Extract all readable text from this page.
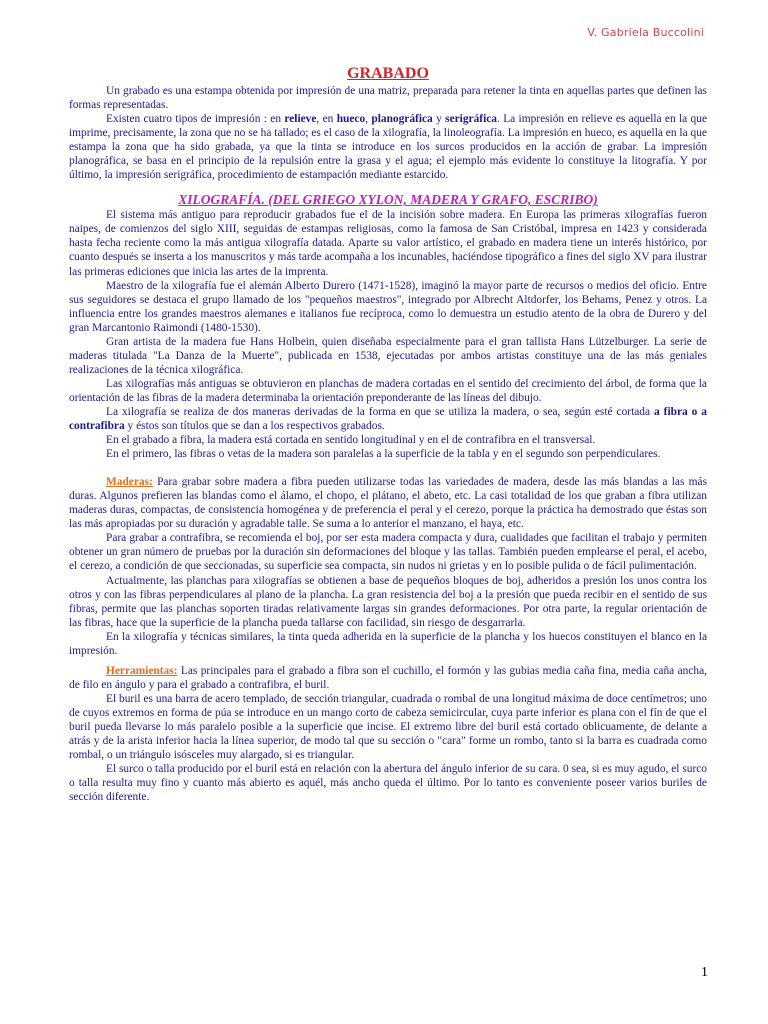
V. Gabriela Buccolini
GRABADO

Un grabado es una estampa obtenida por impresión de una matriz, preparada para retener la tinta en aquellas partes que definen las formas representadas.

Existen cuatro tipos de impresión : en relieve, en hueco, planográfica y serigráfica. La impresión en relieve es aquella en la que imprime, precisamente, la zona que no se ha tallado; es el caso de la xilografía, la linoleografía. La impresión en hueco, es aquella en la que estampa la zona que ha sido grabada, ya que la tinta se introduce en los surcos producidos en la acción de grabar. La impresión planográfica, se basa en el principio de la repulsión entre la grasa y el agua; el ejemplo más evidente lo constituye la litografía. Y por último, la impresión serigráfica, procedimiento de estampación mediante estarcido.

XILOGRAFÍA. (DEL GRIEGO XYLON, MADERA Y GRAFO, ESCRIBO)

El sistema más antiguo para reproducir grabados fue el de la incisión sobre madera. En Europa las primeras xilografías fueron naipes, de comienzos del siglo XIII, seguidas de estampas religiosas, como la famosa de San Cristóbal, impresa en 1423 y considerada hasta fecha reciente como la más antigua xilografía datada. Aparte su valor artístico, el grabado en madera tiene un interés histórico, por cuanto después se inserta a los manuscritos y más tarde acompaña a los incunables, haciéndose tipográfico a fines del siglo XV para ilustrar las primeras ediciones que inicia las artes de la imprenta.

Maestro de la xilografía fue el alemán Alberto Durero (1471-1528), imaginó la mayor parte de recursos o medios del oficio. Entre sus seguidores se destaca el grupo llamado de los "pequeños maestros", integrado por Albrecht Altdorfer, los Behams, Penez y otros. La influencia entre los grandes maestros alemanes e italianos fue recíproca, como lo demuestra un estudio atento de la obra de Durero y del gran Marcantonio Raimondi (1480-1530).

Gran artista de la madera fue Hans Holbein, quien diseñaba especialmente para el gran tallista Hans Lützelburger. La serie de maderas titulada "La Danza de la Muerte", publicada en 1538, ejecutadas por ambos artistas constituye una de las más geniales realizaciones de la técnica xilográfica.

Las xilografías más antiguas se obtuvieron en planchas de madera cortadas en el sentido del crecimiento del árbol, de forma que la orientación de las fibras de la madera determinaba la orientación preponderante de las líneas del dibujo.

La xilografía se realiza de dos maneras derivadas de la forma en que se utiliza la madera, o sea, según esté cortada a fibra o a contrafibra y éstos son títulos que se dan a los respectivos grabados.

En el grabado a fibra, la madera está cortada en sentido longitudinal y en el de contrafibra en el transversal.

En el primero, las fibras o vetas de la madera son paralelas a la superficie de la tabla y en el segundo son perpendiculares.

Maderas: Para grabar sobre madera a fibra pueden utilizarse todas las variedades de madera, desde las más blandas a las más duras. Algunos prefieren las blandas como el álamo, el chopo, el plátano, el abeto, etc. La casi totalidad de los que graban a fibra utilizan maderas duras, compactas, de consistencia homogénea y de preferencia el peral y el cerezo, porque la práctica ha demostrado que éstas son las más apropiadas por su duración y agradable talle. Se suma a lo anterior el manzano, el haya, etc.

Para grabar a contrafibra, se recomienda el boj, por ser esta madera compacta y dura, cualidades que facilitan el trabajo y permiten obtener un gran número de pruebas por la duración sin deformaciones del bloque y las tallas. También pueden emplearse el peral, el acebo, el cerezo, a condición de que seccionadas, su superficie sea compacta, sin nudos ni grietas y en lo posible pulida o de fácil pulimentación.

Actualmente, las planchas para xilografías se obtienen a base de pequeños bloques de boj, adheridos a presión los unos contra los otros y con las fibras perpendiculares al plano de la plancha. La gran resistencia del boj a la presión que pueda recibir en el sentido de sus fibras, permite que las planchas soporten tiradas relativamente largas sin grandes deformaciones. Por otra parte, la regular orientación de las fibras, hace que la superficie de la plancha pueda tallarse con facilidad, sin riesgo de desgarrarla.

En la xilografía y técnicas similares, la tinta queda adherida en la superficie de la plancha y los huecos constituyen el blanco en la impresión.

Herramientas: Las principales para el grabado a fibra son el cuchillo, el formón y las gubias media caña fina, media caña ancha, de filo en ángulo y para el grabado a contrafibra, el buril.

El buril es una barra de acero templado, de sección triangular, cuadrada o rombal de una longitud máxima de doce centímetros; uno de cuyos extremos en forma de púa se introduce en un mango corto de cabeza semicircular, cuya parte inferior es plana con el fín de que el buril pueda llevarse lo más paralelo posible a la superficie que incise. El extremo libre del buril está cortado oblicuamente, de delante a atrás y de la arista inferior hacia la línea superior, de modo tal que su sección o "cara" forme un rombo, tanto si la barra es cuadrada como rombal, o un triángulo isósceles muy alargado, si es triangular.

El surco o talla producido por el buril está en relación con la abertura del ángulo inferior de su cara. 0 sea, si es muy agudo, el surco o talla resulta muy fino y cuanto más abierto es aquél, más ancho queda el último. Por lo tanto es conveniente poseer varios buriles de sección diferente.

1
